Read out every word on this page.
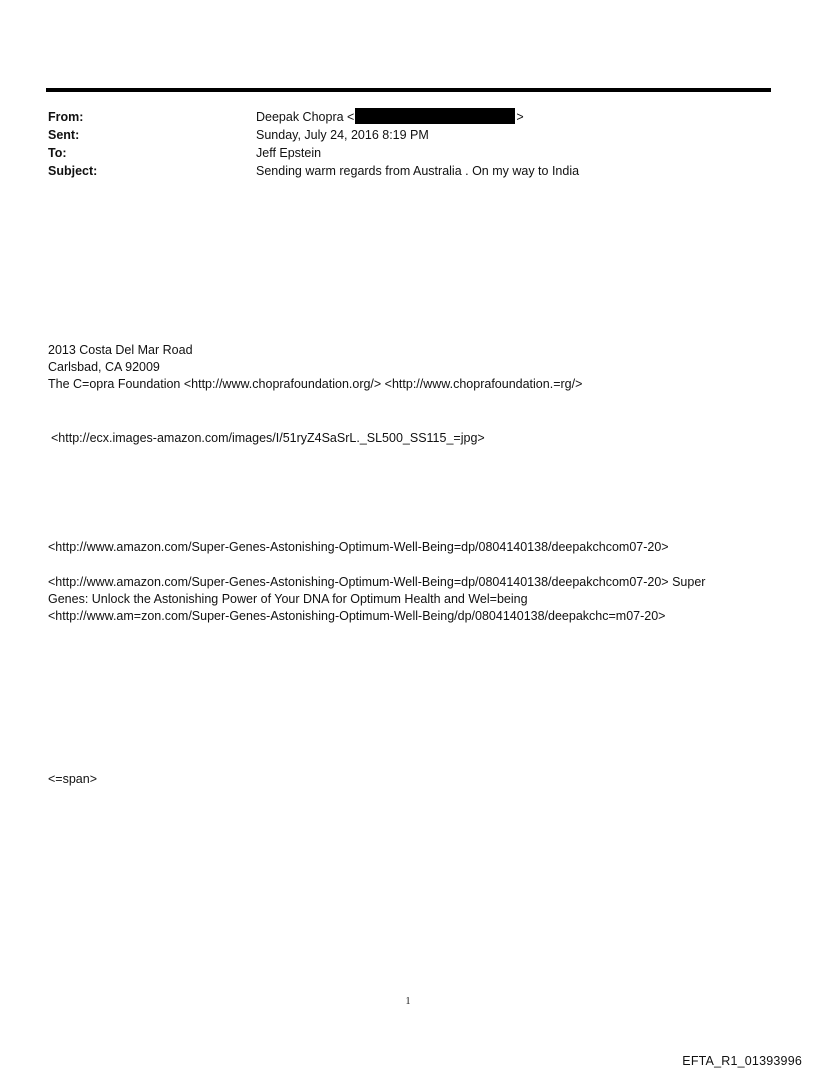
From:	Deepak Chopra <	>
Sent:	Sunday, July 24, 2016 8:19 PM
To:	Jeff Epstein
Subject:	Sending warm regards from Australia . On my way to India
2013 Costa Del Mar Road
Carlsbad, CA 92009
The C=opra Foundation <http://www.choprafoundation.org/> <http://www.choprafoundation.=rg/>
<http://ecx.images-amazon.com/images/I/51ryZ4SaSrL._SL500_SS115_=jpg>
<http://www.amazon.com/Super-Genes-Astonishing-Optimum-Well-Being=dp/0804140138/deepakchcom07-20>
<http://www.amazon.com/Super-Genes-Astonishing-Optimum-Well-Being=dp/0804140138/deepakchcom07-20> Super
Genes: Unlock the Astonishing Power of Your DNA for Optimum Health and Wel=being
<http://www.am=zon.com/Super-Genes-Astonishing-Optimum-Well-Being/dp/0804140138/deepakchc=m07-20>
<=span>
1
EFTA_R1_01393996
